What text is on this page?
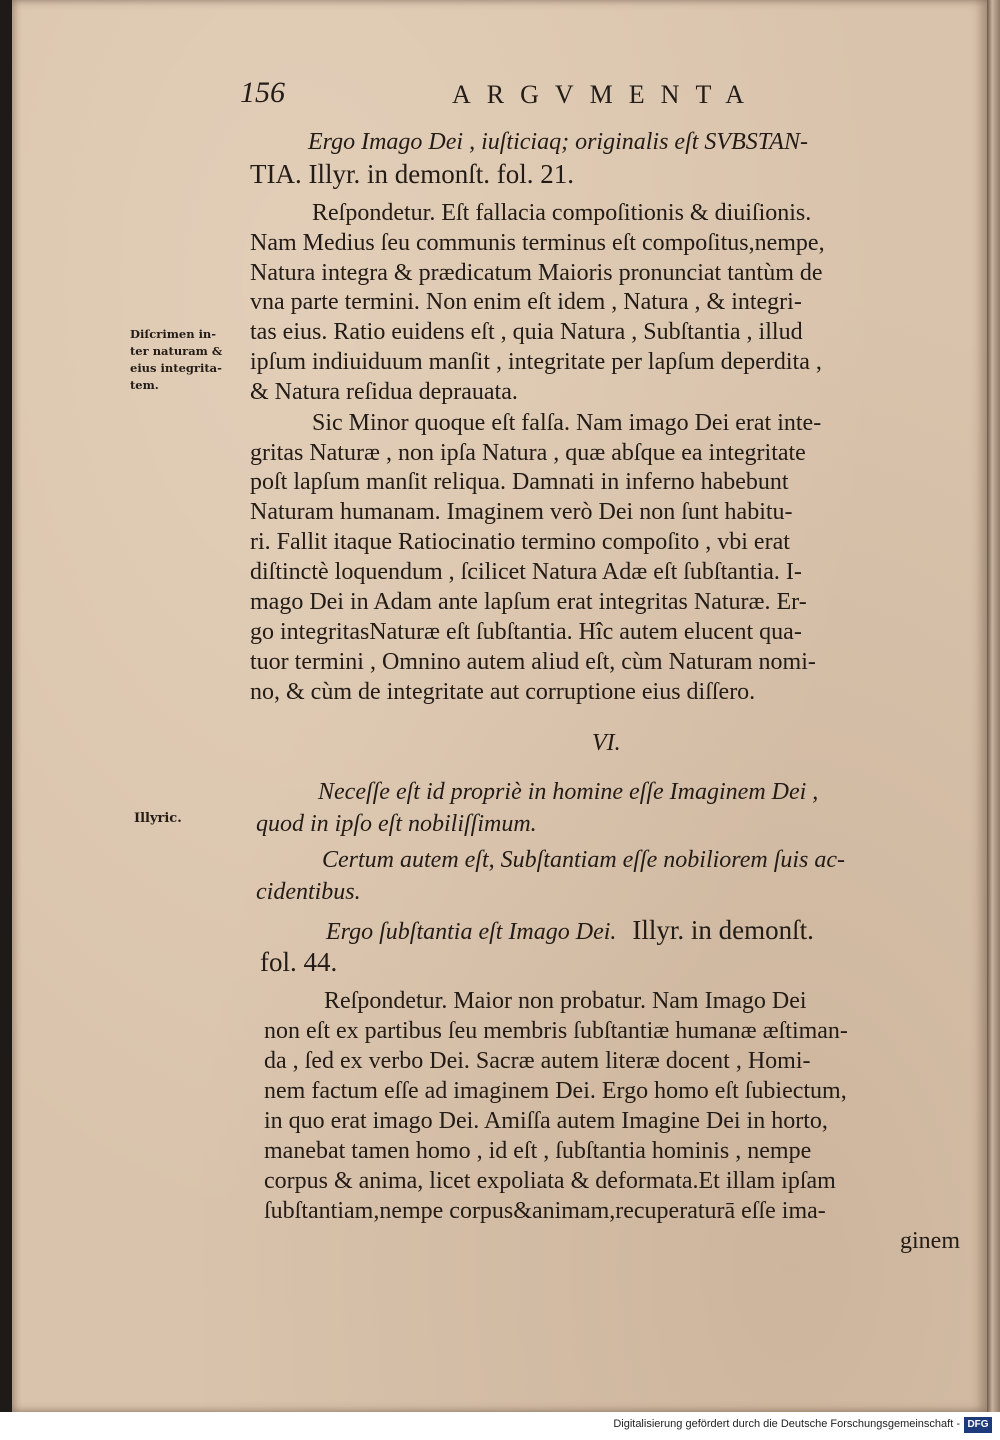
156	ARGVMENTA
Ergo Imago Dei , iuſticiaq; originalis eſt SVBSTAN-
TIA. Illyr. in demonſt. fol. 21.
Reſpondetur. Eſt fallacia compoſitionis & diuiſionis.
Nam Medius ſeu communis terminus eſt compoſitus,nempe,
Natura integra & prædicatum Maioris pronunciat tantùm de
vna parte termini. Non enim eſt idem , Natura , & integri-
tas eius. Ratio euidens eſt , quia Natura , Subſtantia , illud
ipſum indiuiduum manſit , integritate per lapſum deperdita ,
& Natura reſidua deprauata.
Diſcrimen in-
ter naturam &
eius integrita-
tem.
Sic Minor quoque eſt falſa. Nam imago Dei erat inte-
gritas Naturæ , non ipſa Natura , quæ abſque ea integritate
poſt lapſum manſit reliqua. Damnati in inferno habebunt
Naturam humanam. Imaginem verò Dei non ſunt habitu-
ri. Fallit itaque Ratiocinatio termino compoſito , vbi erat
diſtinctè loquendum , ſcilicet Natura Adæ eſt ſubſtantia. I-
mago Dei in Adam ante lapſum erat integritas Naturæ. Er-
go integritasNaturæ eſt ſubſtantia. Hîc autem elucent qua-
tuor termini , Omnino autem aliud eſt, cùm Naturam nomi-
no, & cùm de integritate aut corruptione eius diſſero.
VI.
Neceſſe eſt id propriè in homine eſſe Imaginem Dei ,
quod in ipſo eſt nobiliſſimum.
Illyric.
Certum autem eſt, Subſtantiam eſſe nobiliorem ſuis ac-
cidentibus.
Ergo ſubſtantia eſt Imago Dei. Illyr. in demonſt.
fol. 44.
Reſpondetur. Maior non probatur. Nam Imago Dei
non eſt ex partibus ſeu membris ſubſtantiæ humanæ æſtiman-
da , ſed ex verbo Dei. Sacræ autem literæ docent , Homi-
nem factum eſſe ad imaginem Dei. Ergo homo eſt ſubiectum,
in quo erat imago Dei. Amiſſa autem Imagine Dei in horto,
manebat tamen homo , id eſt , ſubſtantia hominis , nempe
corpus & anima, licet expoliata & deformata.Et illam ipſam
ſubſtantiam,nempe corpus&animam,recuperaturā eſſe ima-
ginem
Digitalisierung gefördert durch die Deutsche Forschungsgemeinschaft - DFG
